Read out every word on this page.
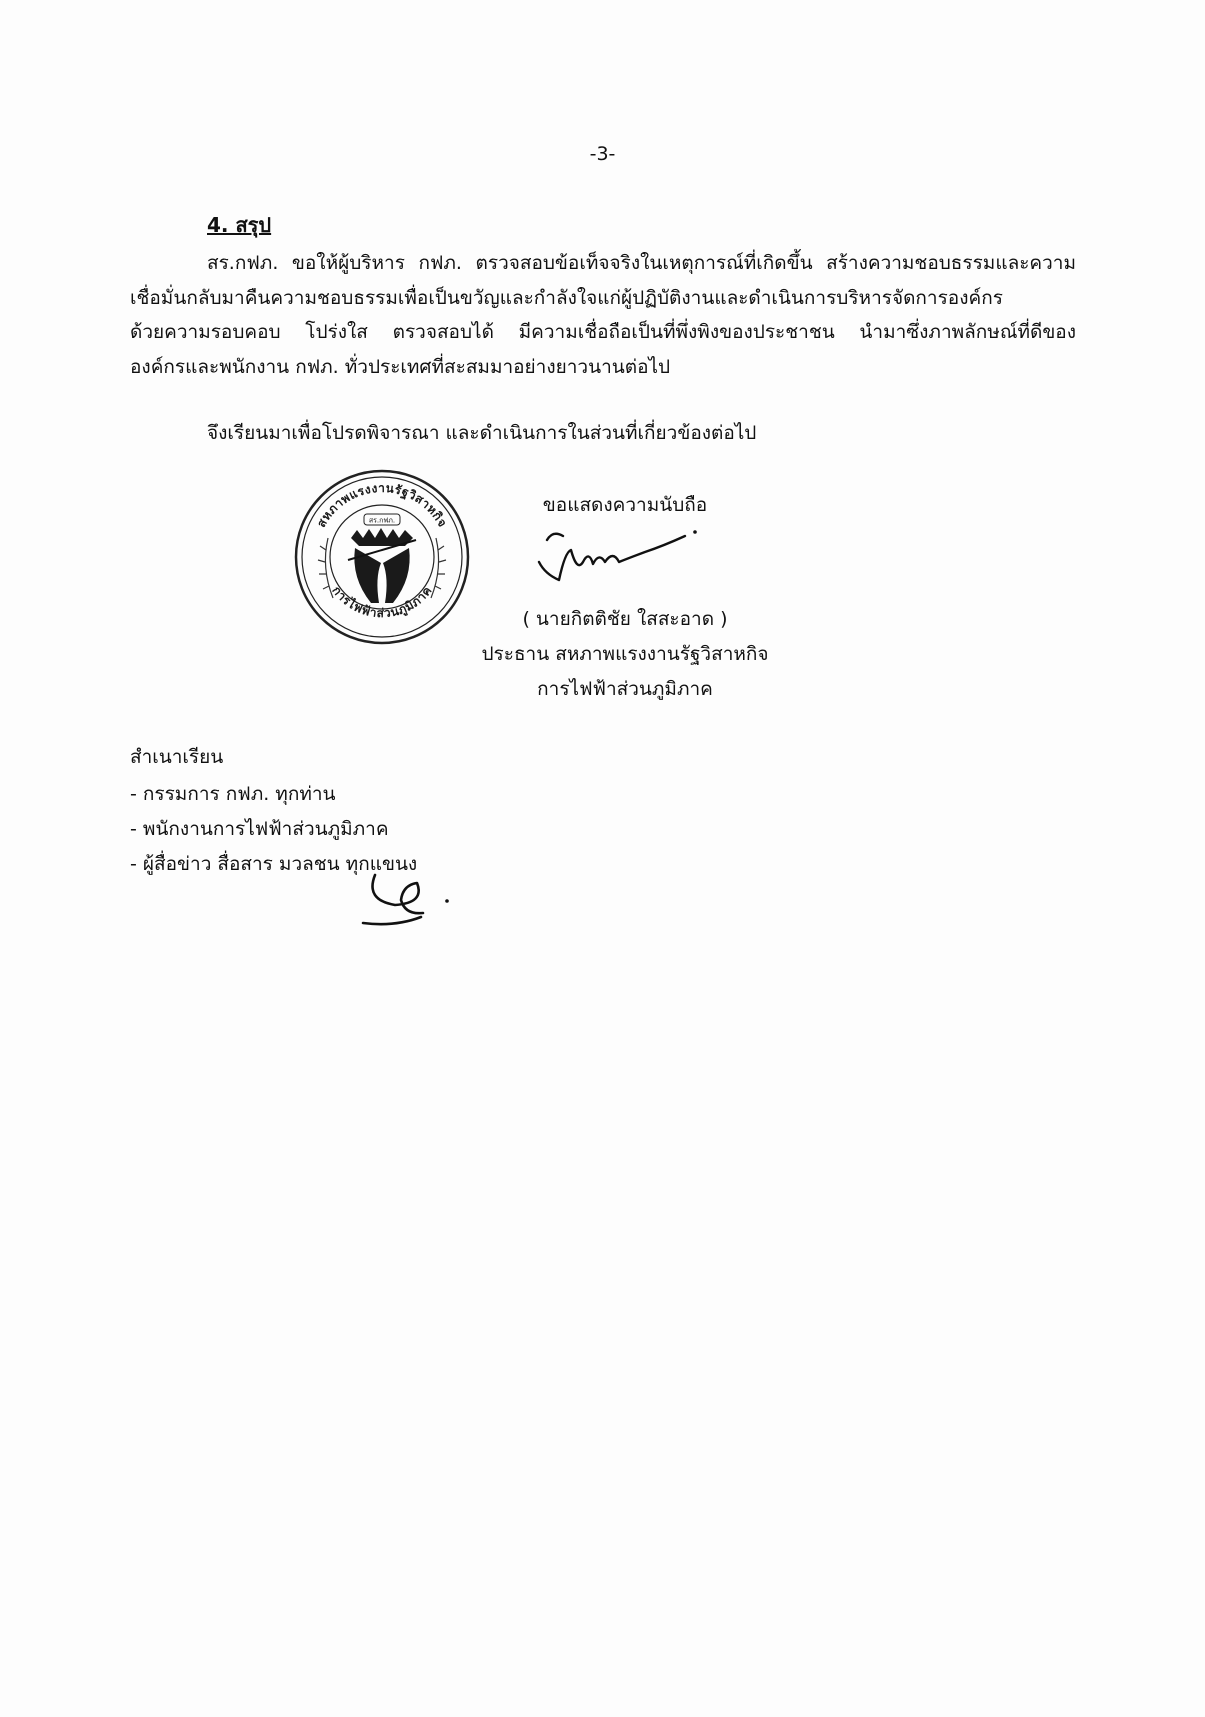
-3-
4. สรุป
สร.กฟภ. ขอให้ผู้บริหาร กฟภ. ตรวจสอบข้อเท็จจริงในเหตุการณ์ที่เกิดขึ้น สร้างความชอบธรรมและความ
เชื่อมั่นกลับมาคืนความชอบธรรมเพื่อเป็นขวัญและกำลังใจแก่ผู้ปฏิบัติงานและดำเนินการบริหารจัดการองค์กร
ด้วยความรอบคอบ โปร่งใส ตรวจสอบได้ มีความเชื่อถือเป็นที่พึ่งพิงของประชาชน นำมาซึ่งภาพลักษณ์ที่ดีของ
องค์กรและพนักงาน กฟภ. ทั่วประเทศที่สะสมมาอย่างยาวนานต่อไป
จึงเรียนมาเพื่อโปรดพิจารณา และดำเนินการในส่วนที่เกี่ยวข้องต่อไป
สหภาพแรงงานรัฐวิสาหกิจ
การไฟฟ้าส่วนภูมิภาค
สร.กฟภ.
ขอแสดงความนับถือ
( นายกิตติชัย ใสสะอาด )
ประธาน สหภาพแรงงานรัฐวิสาหกิจ
การไฟฟ้าส่วนภูมิภาค
สำเนาเรียน
- กรรมการ กฟภ. ทุกท่าน
- พนักงานการไฟฟ้าส่วนภูมิภาค
- ผู้สื่อข่าว สื่อสาร มวลชน ทุกแขนง
